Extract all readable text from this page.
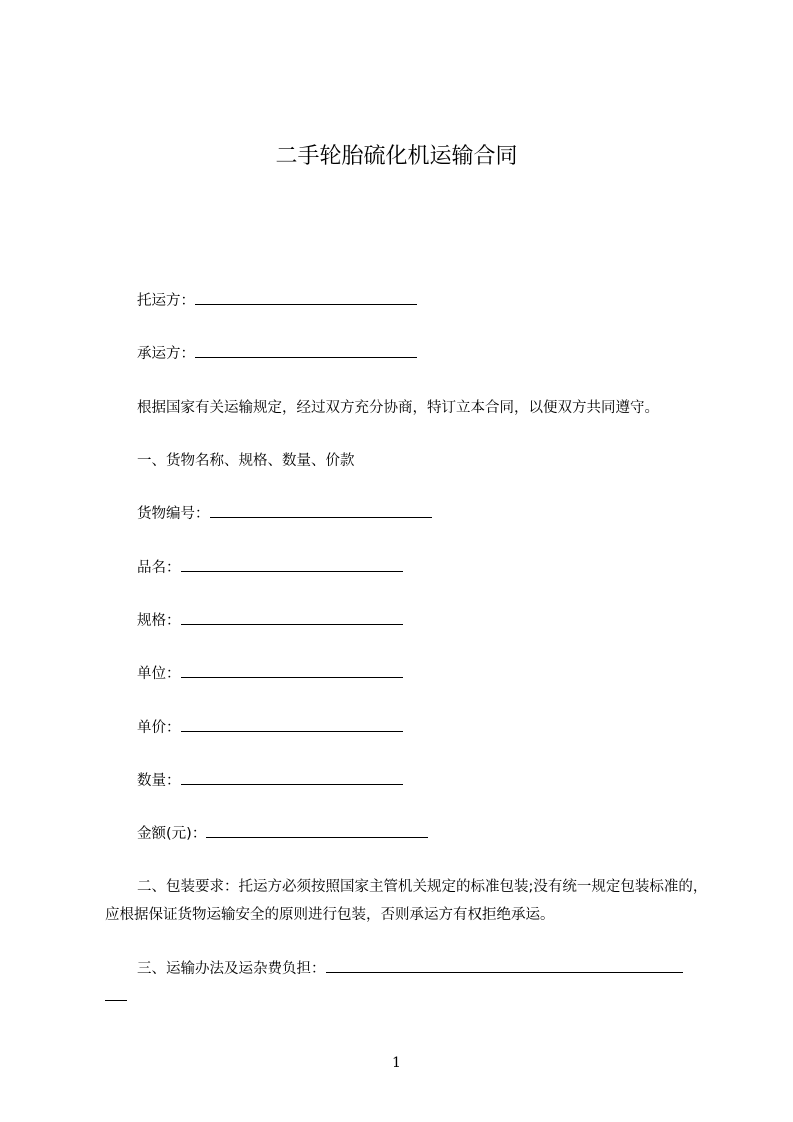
二手轮胎硫化机运输合同
托运方：
承运方：
根据国家有关运输规定，经过双方充分协商，特订立本合同，以便双方共同遵守。
一、货物名称、规格、数量、价款
货物编号：
品名：
规格：
单位：
单价：
数量：
金额(元)：
二、包装要求：托运方必须按照国家主管机关规定的标准包装;没有统一规定包装标准的，应根据保证货物运输安全的原则进行包装，否则承运方有权拒绝承运。
三、运输办法及运杂费负担：

1
